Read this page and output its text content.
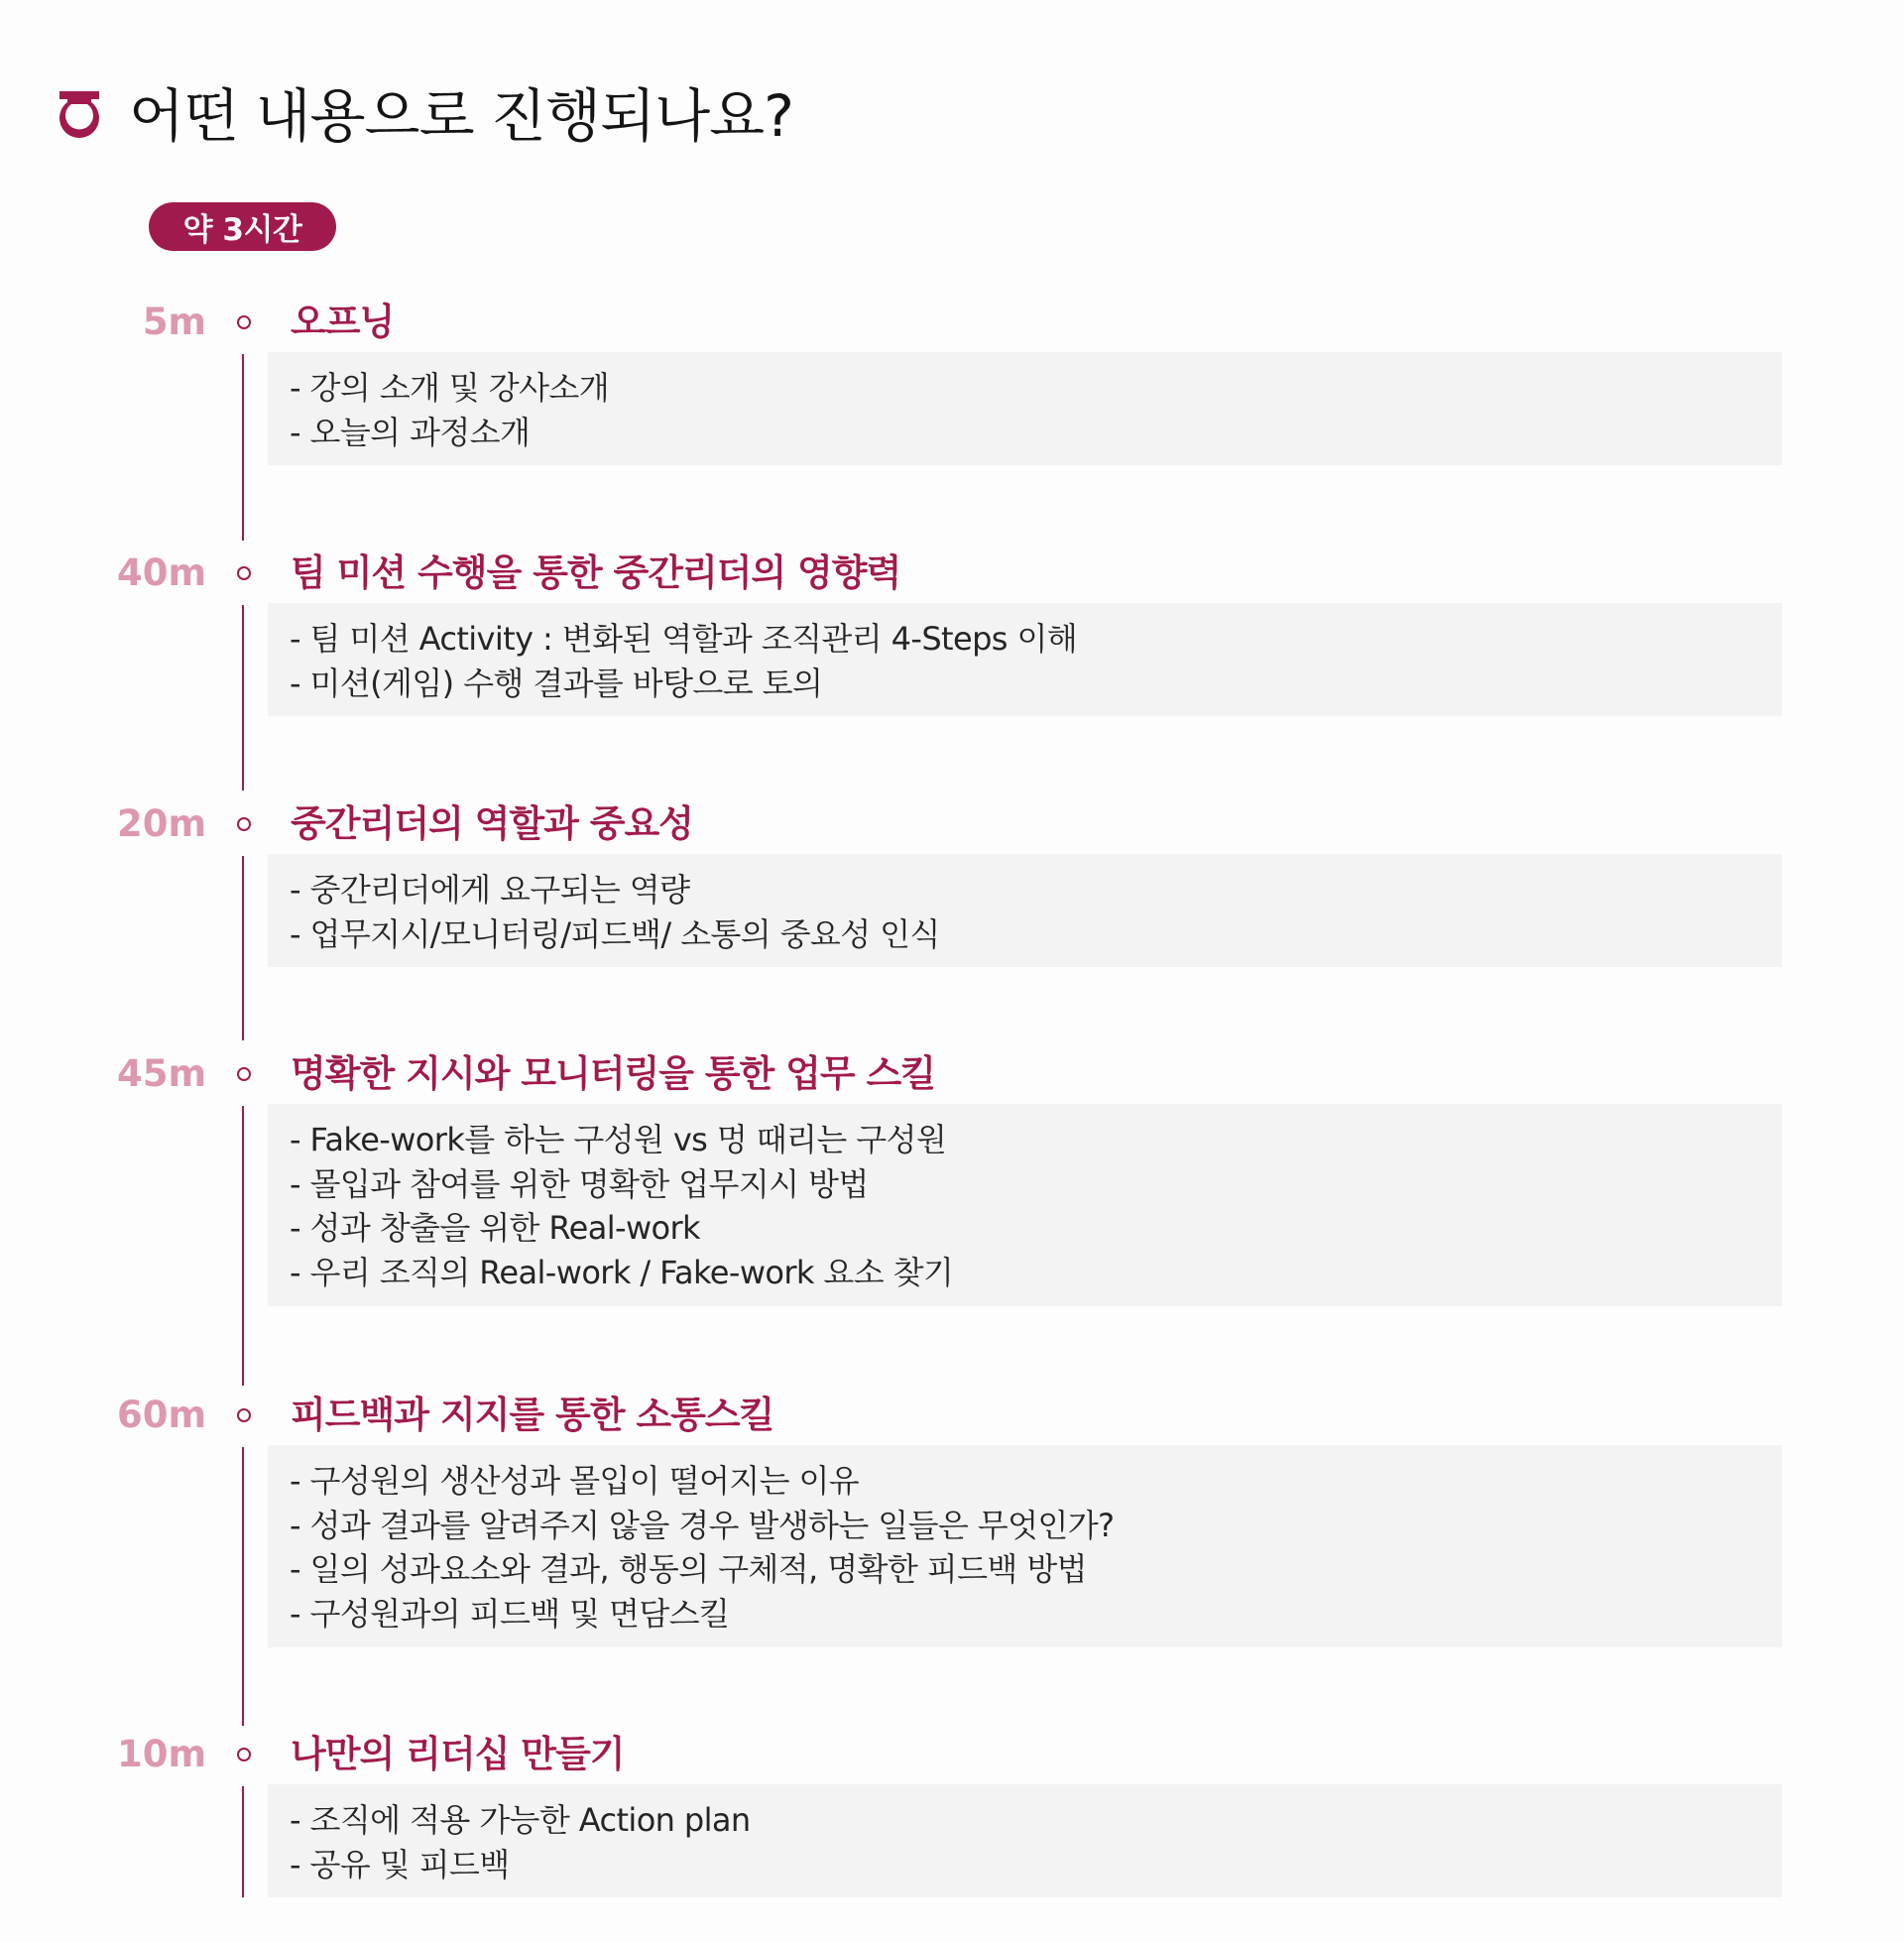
어떤 내용으로 진행되나요?
약 3시간
5m 오프닝
- 강의 소개 및 강사소개
- 오늘의 과정소개
40m 팀 미션 수행을 통한 중간리더의 영향력
- 팀 미션 Activity : 변화된 역할과 조직관리 4-Steps 이해
- 미션(게임) 수행 결과를 바탕으로 토의
20m 중간리더의 역할과 중요성
- 중간리더에게 요구되는 역량
- 업무지시/모니터링/피드백/ 소통의 중요성 인식
45m 명확한 지시와 모니터링을 통한 업무 스킬
- Fake-work를 하는 구성원 vs 멍 때리는 구성원
- 몰입과 참여를 위한 명확한 업무지시 방법
- 성과 창출을 위한 Real-work
- 우리 조직의 Real-work / Fake-work 요소 찾기
60m 피드백과 지지를 통한 소통스킬
- 구성원의 생산성과 몰입이 떨어지는 이유
- 성과 결과를 알려주지 않을 경우 발생하는 일들은 무엇인가?
- 일의 성과요소와 결과, 행동의 구체적, 명확한 피드백 방법
- 구성원과의 피드백 및 면담스킬
10m 나만의 리더십 만들기
- 조직에 적용 가능한 Action plan
- 공유 및 피드백
